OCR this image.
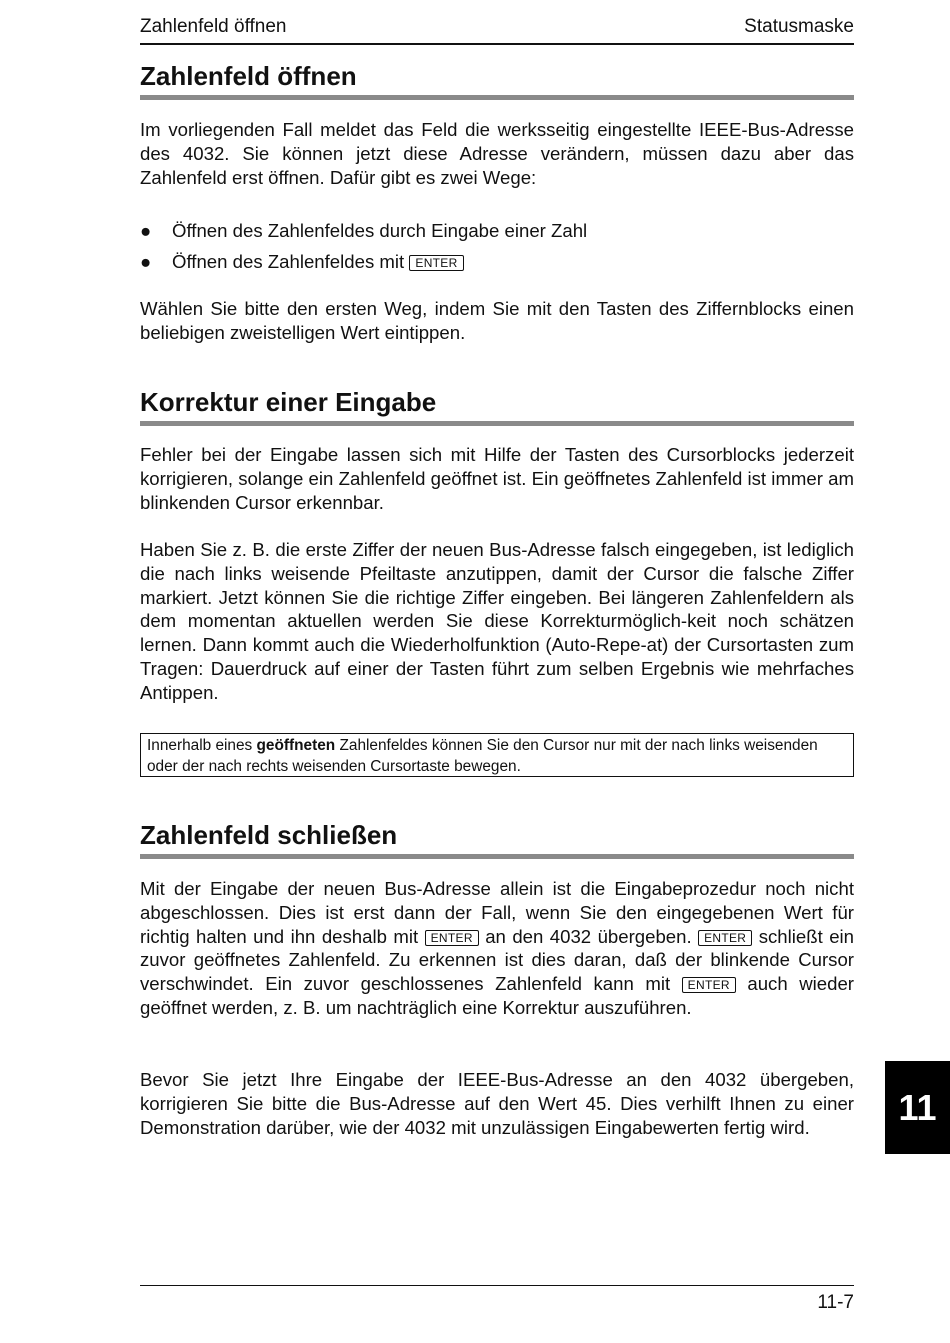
Zahlenfeld öffnen	Statusmaske
Zahlenfeld öffnen

Im vorliegenden Fall meldet das Feld die werksseitig eingestellte IEEE-Bus-Adresse des 4032. Sie können jetzt diese Adresse verändern, müssen dazu aber das Zahlenfeld erst öffnen. Dafür gibt es zwei Wege:

● Öffnen des Zahlenfeldes durch Eingabe einer Zahl
● Öffnen des Zahlenfeldes mit ENTER

Wählen Sie bitte den ersten Weg, indem Sie mit den Tasten des Ziffernblocks einen beliebigen zweistelligen Wert eintippen.

Korrektur einer Eingabe

Fehler bei der Eingabe lassen sich mit Hilfe der Tasten des Cursorblocks jederzeit korrigieren, solange ein Zahlenfeld geöffnet ist. Ein geöffnetes Zahlenfeld ist immer am blinkenden Cursor erkennbar.

Haben Sie z. B. die erste Ziffer der neuen Bus-Adresse falsch eingegeben, ist lediglich die nach links weisende Pfeiltaste anzutippen, damit der Cursor die falsche Ziffer markiert. Jetzt können Sie die richtige Ziffer eingeben. Bei längeren Zahlenfeldern als dem momentan aktuellen werden Sie diese Korrekturmöglich-keit noch schätzen lernen. Dann kommt auch die Wiederholfunktion (Auto-Repe-at) der Cursortasten zum Tragen: Dauerdruck auf einer der Tasten führt zum selben Ergebnis wie mehrfaches Antippen.

Innerhalb eines geöffneten Zahlenfeldes können Sie den Cursor nur mit der nach links weisenden oder der nach rechts weisenden Cursortaste bewegen.
Zahlenfeld schließen

Mit der Eingabe der neuen Bus-Adresse allein ist die Eingabeprozedur noch nicht abgeschlossen. Dies ist erst dann der Fall, wenn Sie den eingegebenen Wert für richtig halten und ihn deshalb mit ENTER an den 4032 übergeben. ENTER schließt ein zuvor geöffnetes Zahlenfeld. Zu erkennen ist dies daran, daß der blinkende Cursor verschwindet. Ein zuvor geschlossenes Zahlenfeld kann mit ENTER auch wieder geöffnet werden, z. B. um nachträglich eine Korrektur auszuführen.

Bevor Sie jetzt Ihre Eingabe der IEEE-Bus-Adresse an den 4032 übergeben, korrigieren Sie bitte die Bus-Adresse auf den Wert 45. Dies verhilft Ihnen zu einer Demonstration darüber, wie der 4032 mit unzulässigen Eingabewerten fertig wird.	11
11-7
